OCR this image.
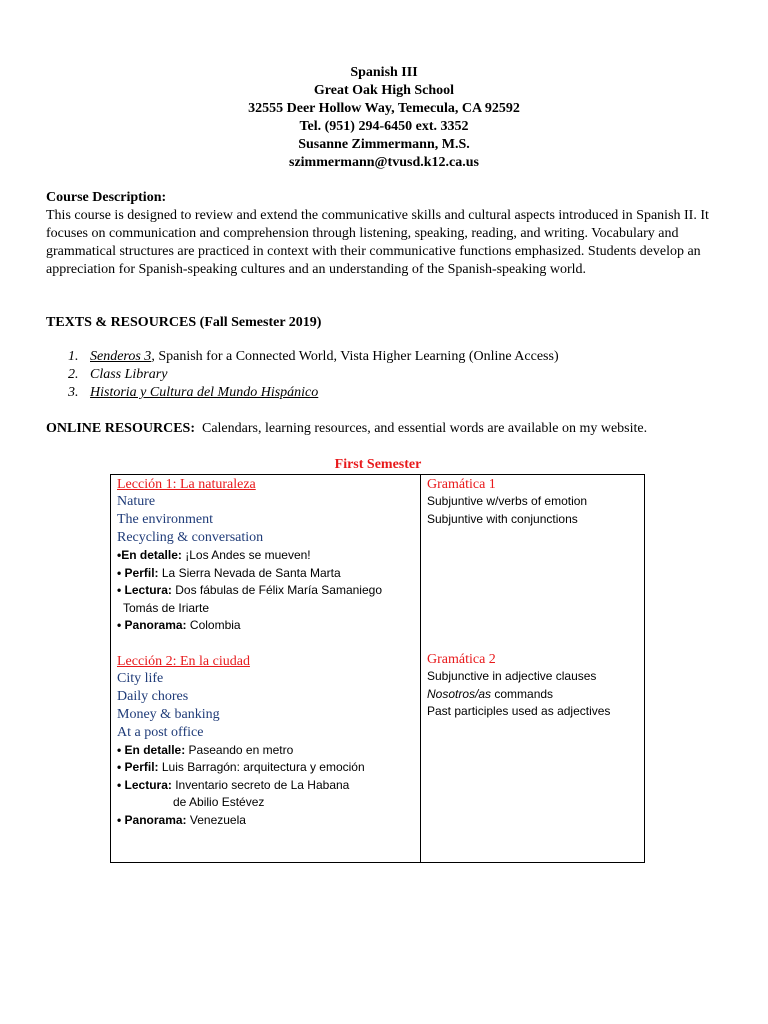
Spanish III
Great Oak High School
32555 Deer Hollow Way, Temecula, CA 92592
Tel. (951) 294-6450 ext. 3352
Susanne Zimmermann, M.S.
szimmermann@tvusd.k12.ca.us
Course Description:
This course is designed to review and extend the communicative skills and cultural aspects introduced in Spanish II. It focuses on communication and comprehension through listening, speaking, reading, and writing. Vocabulary and grammatical structures are practiced in context with their communicative functions emphasized. Students develop an appreciation for Spanish-speaking cultures and an understanding of the Spanish-speaking world.
TEXTS & RESOURCES (Fall Semester 2019)
1. Senderos 3, Spanish for a Connected World, Vista Higher Learning (Online Access)
2. Class Library
3. Historia y Cultura del Mundo Hispánico
ONLINE RESOURCES:  Calendars, learning resources, and essential words are available on my website.
First Semester
Lección 1: La naturaleza
Nature
The environment
Recycling & conversation
•En detalle: ¡Los Andes se mueven!
• Perfil: La Sierra Nevada de Santa Marta
• Lectura: Dos fábulas de Félix María Samaniego
Tomás de Iriarte
• Panorama: Colombia
Lección 2: En la ciudad
City life
Daily chores
Money & banking
At a post office
• En detalle: Paseando en metro
• Perfil: Luis Barragón: arquitectura y emoción
• Lectura: Inventario secreto de La Habana
de Abilio Estévez
• Panorama: Venezuela
Gramática 1
Subjuntive w/verbs of emotion
Subjuntive with conjunctions
Gramática 2
Subjunctive in adjective clauses
Nosotros/as commands
Past participles used as adjectives
